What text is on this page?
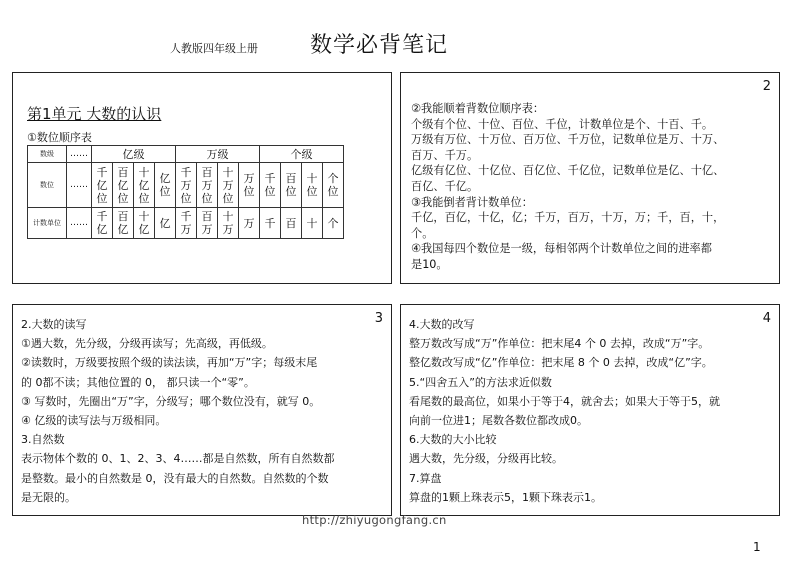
人教版四年级上册 数学必背笔记
第1单元 大数的认识
①数位顺序表
数级	……	亿级				万级				个级			
数位	……	千亿位	百亿位	十亿位	亿位	千万位	百万位	十万位	万位	千位	百位	十位	个位
计数单位	……	千亿	百亿	十亿	亿	千万	百万	十万	万	千	百	十	个
2
②我能顺着背数位顺序表：
个级有个位、十位、百位、千位，计数单位是个、十百、千。
万级有万位、十万位、百万位、千万位，记数单位是万、十万、
百万、千万。
亿级有亿位、十亿位、百亿位、千亿位，记数单位是亿、十亿、
百亿、千亿。
③我能倒者背计数单位：
千亿，百亿，十亿，亿；千万，百万，十万，万；千，百，十，
个。
④我国每四个数位是一级，每相邻两个计数单位之间的进率都
是10。
3
2.大数的读写
①遇大数，先分级，分级再读写；先高级，再低级。
②读数时，万级要按照个级的读法读，再加“万”字；每级末尾
的 0都不读；其他位置的 0， 都只读一个“零”。
③ 写数时，先圈出“万”字，分级写；哪个数位没有，就写 0。
④ 亿级的读写法与万级相同。
3.自然数
表示物体个数的 0、1、2、3、4……都是自然数，所有自然数都
是整数。最小的自然数是 0，没有最大的自然数。自然数的个数
是无限的。
4
4.大数的改写
整万数改写成“万”作单位：把末尾4 个 0 去掉，改成“万”字。
整亿数改写成“亿”作单位：把末尾 8 个 0 去掉，改成“亿”字。
5.“四舍五入”的方法求近似数
看尾数的最高位，如果小于等于4，就舍去；如果大于等于5，就
向前一位进1；尾数各数位都改成0。
6.大数的大小比较
遇大数，先分级，分级再比较。
7.算盘
算盘的1颗上珠表示5，1颗下珠表示1。
http://zhiyugongfang.cn
1
